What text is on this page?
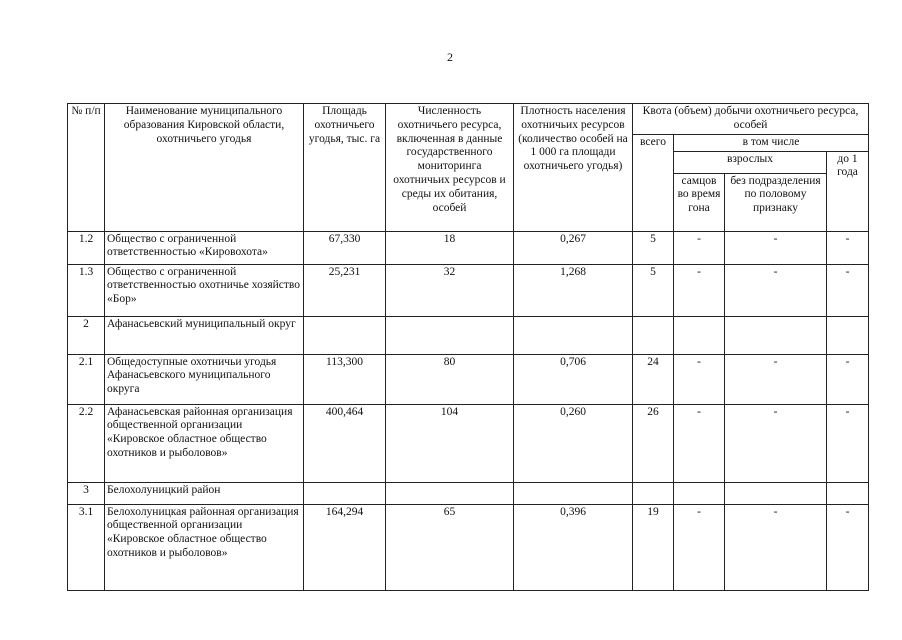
2
№ п/п	Наименование муниципального образования Кировской области, охотничьего угодья	Площадь охотничьего угодья, тыс. га	Численность охотничьего ресурса, включенная в данные государственного мониторинга охотничьих ресурсов и среды их обитания, особей	Плотность населения охотничьих ресурсов (количество особей на 1 000 га площади охотничьего угодья)	Квота (объем) добычи охотничьего ресурса, особей			
					всего	в том числе		
						взрослых		до 1 года
						самцов во время гона	без подразделения по половому признаку	
1.2	Общество с ограниченной ответственностью «Кировохота»	67,330	18	0,267	5	-	-	-
1.3	Общество с ограниченной ответственностью охотничье хозяйство «Бор»	25,231	32	1,268	5	-	-	-
2	Афанасьевский муниципальный округ							
2.1	Общедоступные охотничьи угодья Афанасьевского муниципального округа	113,300	80	0,706	24	-	-	-
2.2	Афанасьевская районная организация общественной организации «Кировское областное общество охотников и рыболовов»	400,464	104	0,260	26	-	-	-
3	Белохолуницкий район							
3.1	Белохолуницкая районная организация общественной организации «Кировское областное общество охотников и рыболовов»	164,294	65	0,396	19	-	-	-
